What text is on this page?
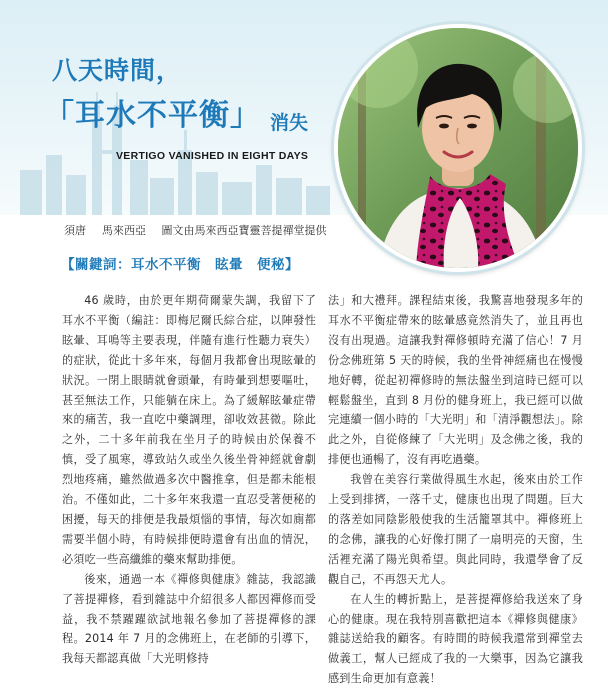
八天時間，
「耳水不平衡」 消失
VERTIGO VANISHED IN EIGHT DAYS
須唐 馬來西亞 圖文由馬來西亞寶靈菩提禪堂提供
【關鍵詞：耳水不平衡　眩暈　便秘】

46 歲時，由於更年期荷爾蒙失調，我留下了耳水不平衡（編註：即梅尼爾氏綜合症，以陣發性眩暈、耳鳴等主要表現，伴隨有進行性聽力衰失）的症狀，從此十多年來，每個月我都會出現眩暈的狀況。一閉上眼睛就會頭暈，有時暈到想要嘔吐，甚至無法工作，只能躺在床上。為了緩解眩暈症帶來的痛苦，我一直吃中藥調理，卻收效甚微。除此之外，二十多年前我在坐月子的時候由於保養不慎，受了風寒，導致站久或坐久後坐骨神經就會劇烈地疼痛，雖然做過多次中醫推拿，但是都未能根治。不僅如此，二十多年來我還一直忍受著便秘的困擾，每天的排便是我最煩惱的事情，每次如廁都需要半個小時，有時候排便時還會有出血的情況，必須吃一些高纖維的藥來幫助排便。

後來，通過一本《禪修與健康》雜誌，我認識了菩提禪修，看到雜誌中介紹很多人都因禪修而受益，我不禁躍躍欲試地報名參加了菩提禪修的課程。2014 年 7 月的念佛班上，在老師的引導下，我每天都認真做「大光明修持

法」和大禮拜。課程結束後，我驚喜地發現多年的耳水不平衡症帶來的眩暈感竟然消失了，並且再也沒有出現過。這讓我對禪修頓時充滿了信心！7 月份念佛班第 5 天的時候，我的坐骨神經痛也在慢慢地好轉，從起初禪修時的無法盤坐到這時已經可以輕鬆盤坐，直到 8 月份的健身班上，我已經可以做完連續一個小時的「大光明」和「清淨觀想法」。除此之外，自從修練了「大光明」及念佛之後，我的排便也通暢了，沒有再吃過藥。

我曾在美容行業做得風生水起，後來由於工作上受到排擠，一落千丈，健康也出現了問題。巨大的落差如同陰影般使我的生活籠罩其中。禪修班上的念佛，讓我的心好像打開了一扇明亮的天窗，生活裡充滿了陽光與希望。與此同時，我還學會了反觀自己，不再怨天尤人。

在人生的轉折點上，是菩提禪修給我送來了身心的健康。現在我特別喜歡把這本《禪修與健康》雜誌送給我的顧客。有時間的時候我還常到禪堂去做義工，幫人已經成了我的一大樂事，因為它讓我感到生命更加有意義！
